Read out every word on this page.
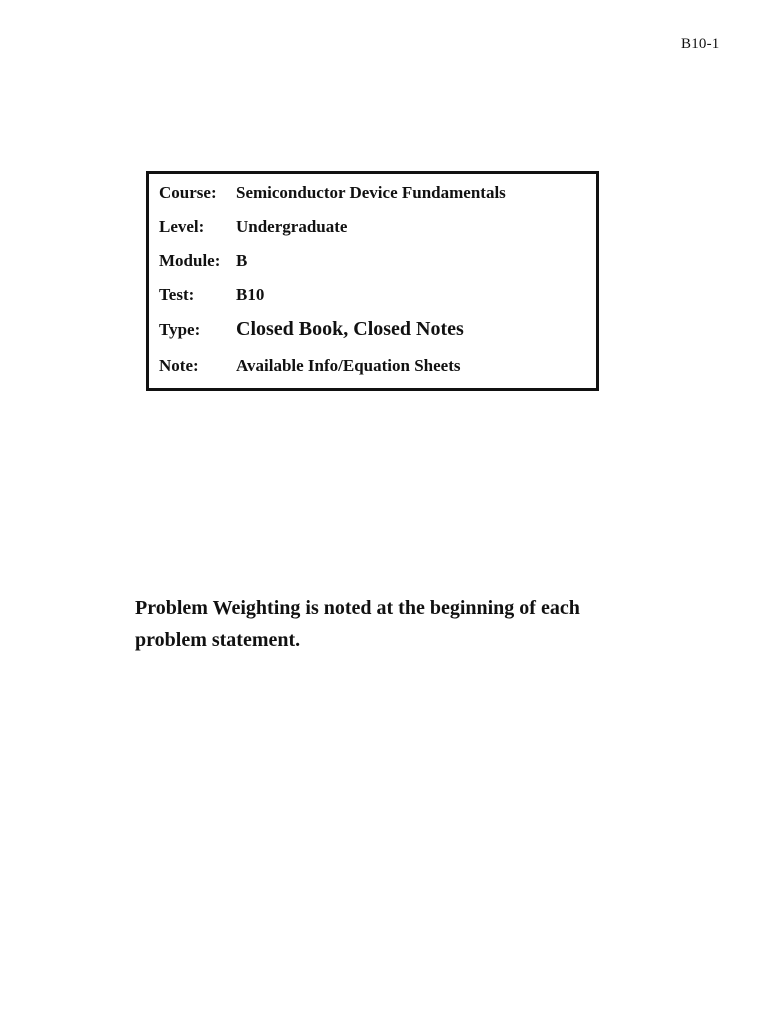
B10-1
Course: Semiconductor Device Fundamentals
Level: Undergraduate
Module: B
Test: B10
Type: Closed Book, Closed Notes
Note: Available Info/Equation Sheets
Problem Weighting is noted at the beginning of each problem statement.
